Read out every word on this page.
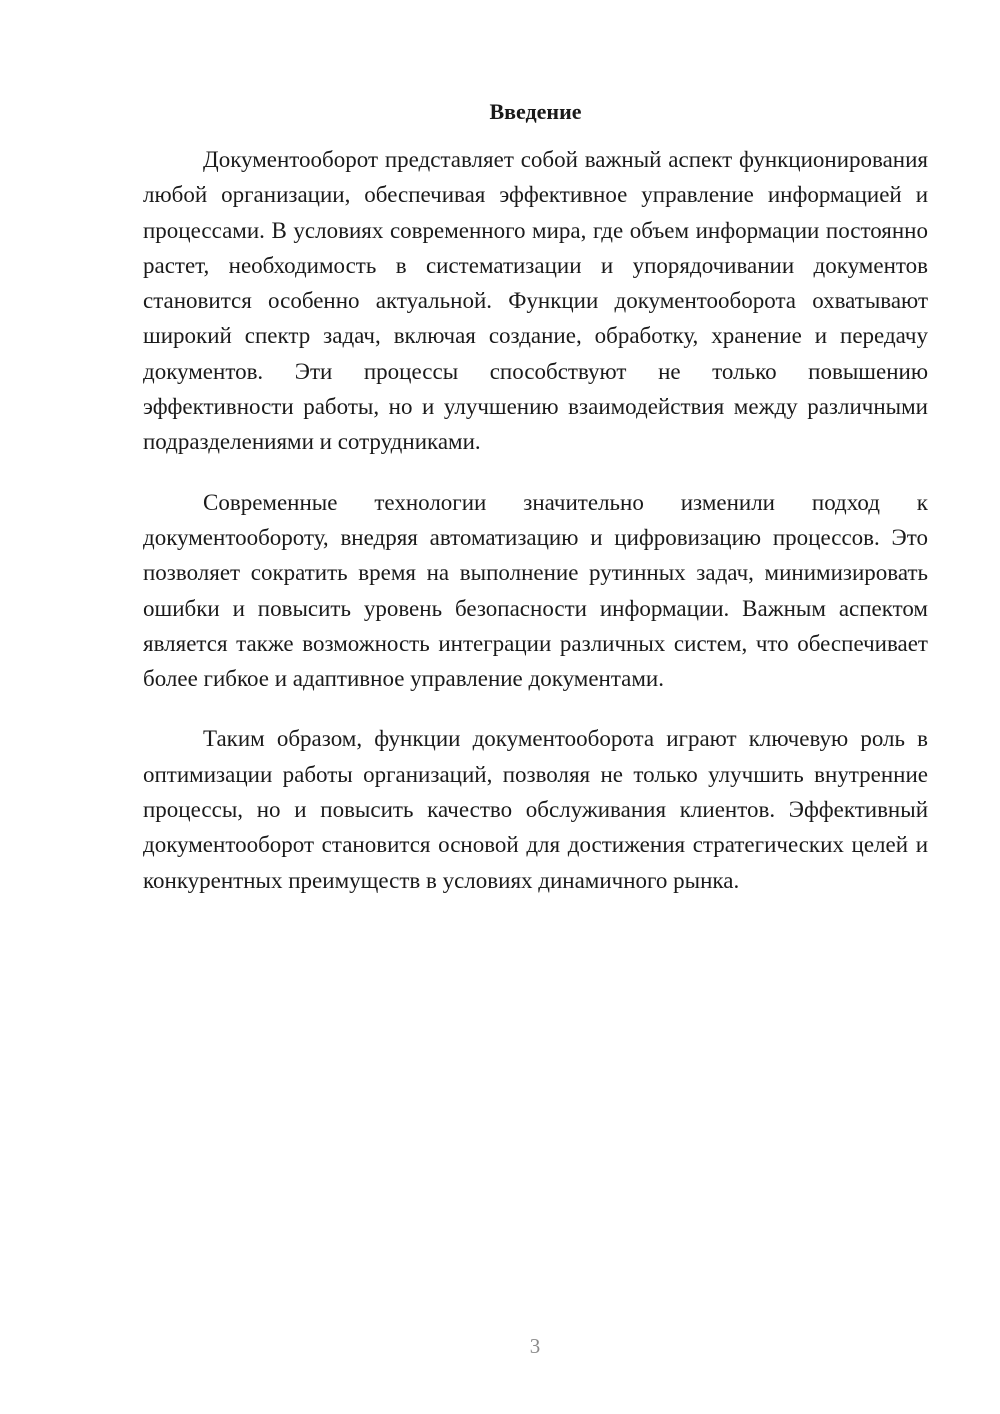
Введение

Документооборот представляет собой важный аспект функционирования любой организации, обеспечивая эффективное управление информацией и процессами. В условиях современного мира, где объем информации постоянно растет, необходимость в систематизации и упорядочивании документов становится особенно актуальной. Функции документооборота охватывают широкий спектр задач, включая создание, обработку, хранение и передачу документов. Эти процессы способствуют не только повышению эффективности работы, но и улучшению взаимодействия между различными подразделениями и сотрудниками.

Современные технологии значительно изменили подход к документообороту, внедряя автоматизацию и цифровизацию процессов. Это позволяет сократить время на выполнение рутинных задач, минимизировать ошибки и повысить уровень безопасности информации. Важным аспектом является также возможность интеграции различных систем, что обеспечивает более гибкое и адаптивное управление документами.

Таким образом, функции документооборота играют ключевую роль в оптимизации работы организаций, позволяя не только улучшить внутренние процессы, но и повысить качество обслуживания клиентов. Эффективный документооборот становится основой для достижения стратегических целей и конкурентных преимуществ в условиях динамичного рынка.

3
